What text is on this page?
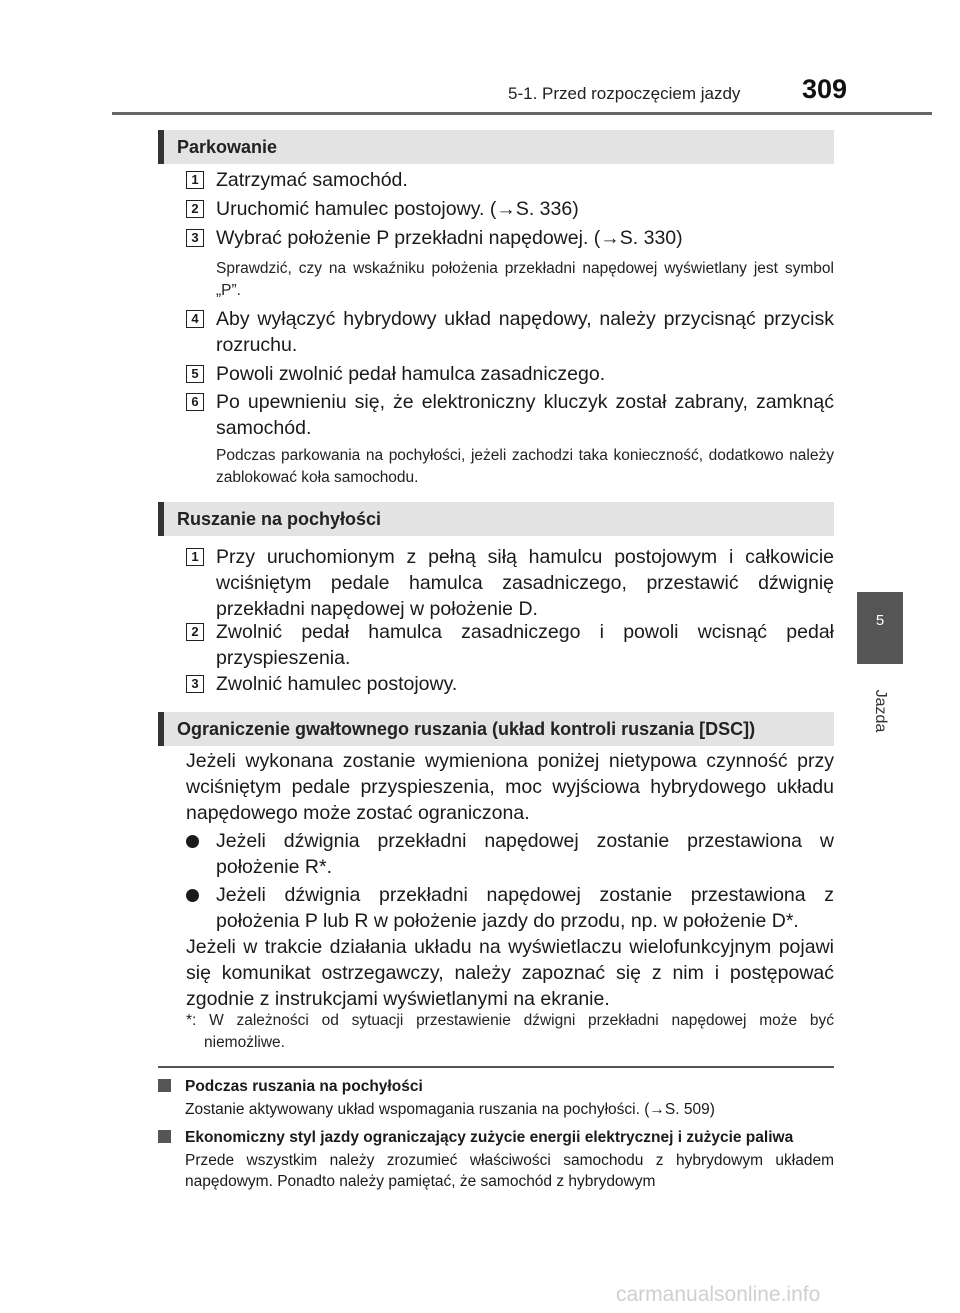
5-1. Przed rozpoczęciem jazdy 309
5
Jazda
Parkowanie
1 Zatrzymać samochód.
2 Uruchomić hamulec postojowy. (→S. 336)
3 Wybrać położenie P przekładni napędowej. (→S. 330)
Sprawdzić, czy na wskaźniku położenia przekładni napędowej wyświetlany jest symbol „P”.
4 Aby wyłączyć hybrydowy układ napędowy, należy przycisnąć przycisk rozruchu.
5 Powoli zwolnić pedał hamulca zasadniczego.
6 Po upewnieniu się, że elektroniczny kluczyk został zabrany, zamknąć samochód.
Podczas parkowania na pochyłości, jeżeli zachodzi taka konieczność, dodatkowo należy zablokować koła samochodu.
Ruszanie na pochyłości
1 Przy uruchomionym z pełną siłą hamulcu postojowym i całkowicie wciśniętym pedale hamulca zasadniczego, przestawić dźwignię przekładni napędowej w położenie D.
2 Zwolnić pedał hamulca zasadniczego i powoli wcisnąć pedał przyspieszenia.
3 Zwolnić hamulec postojowy.
Ograniczenie gwałtownego ruszania (układ kontroli ruszania [DSC])
Jeżeli wykonana zostanie wymieniona poniżej nietypowa czynność przy wciśniętym pedale przyspieszenia, moc wyjściowa hybrydowego układu napędowego może zostać ograniczona.
Jeżeli dźwignia przekładni napędowej zostanie przestawiona w położenie R*.
Jeżeli dźwignia przekładni napędowej zostanie przestawiona z położenia P lub R w położenie jazdy do przodu, np. w położenie D*.
Jeżeli w trakcie działania układu na wyświetlaczu wielofunkcyjnym pojawi się komunikat ostrzegawczy, należy zapoznać się z nim i postępować zgodnie z instrukcjami wyświetlanymi na ekranie.
*: W zależności od sytuacji przestawienie dźwigni przekładni napędowej może być niemożliwe.
Podczas ruszania na pochyłości
Zostanie aktywowany układ wspomagania ruszania na pochyłości. (→S. 509)
Ekonomiczny styl jazdy ograniczający zużycie energii elektrycznej i zużycie paliwa
Przede wszystkim należy zrozumieć właściwości samochodu z hybrydowym układem napędowym. Ponadto należy pamiętać, że samochód z hybrydowym
carmanualsonline.info
